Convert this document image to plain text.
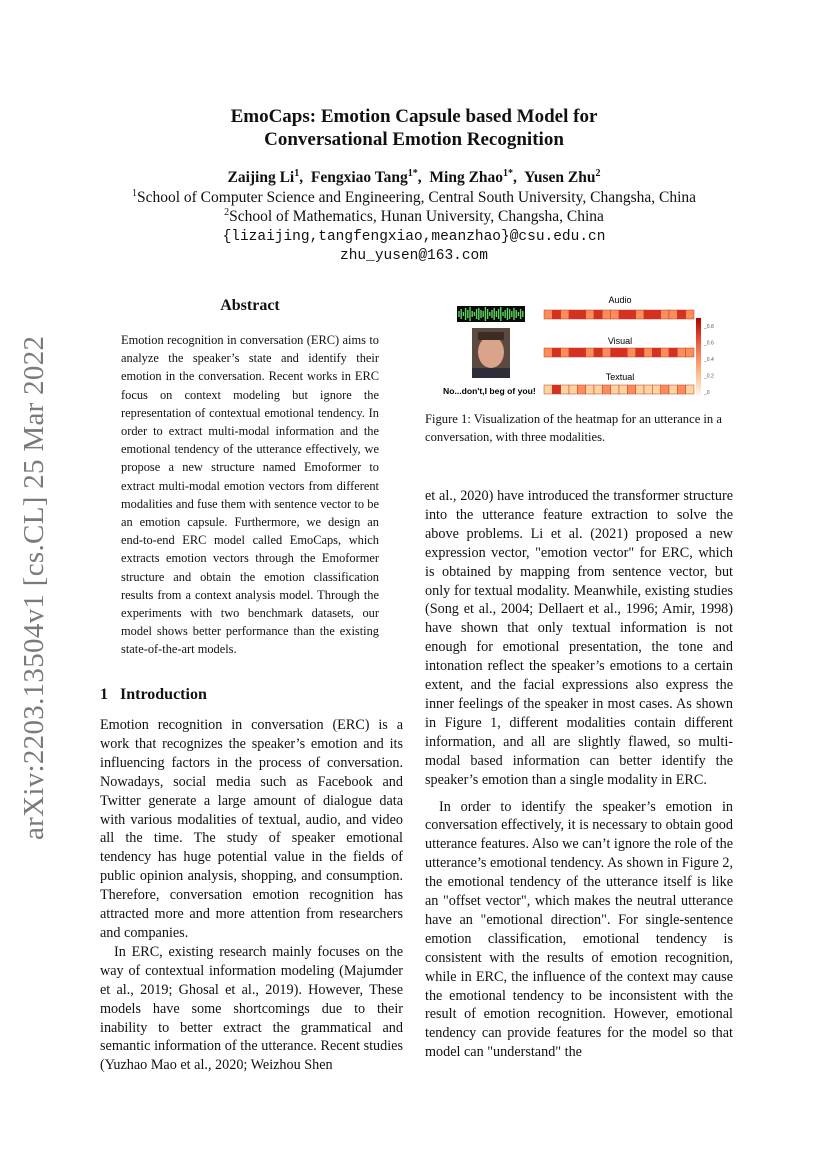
EmoCaps: Emotion Capsule based Model for
Conversational Emotion Recognition
Zaijing Li$^1$,  Fengxiao Tang$^{1*}$,  Ming Zhao$^{1*}$,  Yusen Zhu$^2$
$^1$School of Computer Science and Engineering, Central South University, Changsha, China
$^2$School of Mathematics, Hunan University, Changsha, China
{lizaijing,tangfengxiao,meanzhao}@csu.edu.cn
zhu_yusen@163.com
arXiv:2203.13504v1 [cs.CL] 25 Mar 2022
Abstract
Emotion recognition in conversation (ERC) aims to analyze the speaker’s state and identify their emotion in the conversation. Recent works in ERC focus on context modeling but ignore the representation of contextual emotional tendency. In order to extract multi-modal information and the emotional tendency of the utterance effectively, we propose a new structure named Emoformer to extract multi-modal emotion vectors from different modalities and fuse them with sentence vector to be an emotion capsule. Furthermore, we design an end-to-end ERC model called EmoCaps, which extracts emotion vectors through the Emoformer structure and obtain the emotion classification results from a context analysis model. Through the experiments with two benchmark datasets, our model shows better performance than the existing state-of-the-art models.
1 Introduction

Emotion recognition in conversation (ERC) is a work that recognizes the speaker’s emotion and its influencing factors in the process of conversation. Nowadays, social media such as Facebook and Twitter generate a large amount of dialogue data with various modalities of textual, audio, and video all the time. The study of speaker emotional tendency has huge potential value in the fields of public opinion analysis, shopping, and consumption. Therefore, conversation emotion recognition has attracted more and more attention from researchers and companies.

In ERC, existing research mainly focuses on the way of contextual information modeling (Majumder et al., 2019; Ghosal et al., 2019). However, These models have some shortcomings due to their inability to better extract the grammatical and semantic information of the utterance. Recent studies (Yuzhao Mao et al., 2020; Weizhou Shen

Audio
Visual
Textual
No...don't,I beg of you!
_0.8
_0.6
_0.4
_0.2
_0
Figure 1: Visualization of the heatmap for an utterance in a conversation, with three modalities.

et al., 2020) have introduced the transformer structure into the utterance feature extraction to solve the above problems. Li et al. (2021) proposed a new expression vector, "emotion vector" for ERC, which is obtained by mapping from sentence vector, but only for textual modality. Meanwhile, existing studies (Song et al., 2004; Dellaert et al., 1996; Amir, 1998) have shown that only textual information is not enough for emotional presentation, the tone and intonation reflect the speaker’s emotions to a certain extent, and the facial expressions also express the inner feelings of the speaker in most cases. As shown in Figure 1, different modalities contain different information, and all are slightly flawed, so multi-modal based information can better identify the speaker’s emotion than a single modality in ERC.

In order to identify the speaker’s emotion in conversation effectively, it is necessary to obtain good utterance features. Also we can’t ignore the role of the utterance’s emotional tendency. As shown in Figure 2, the emotional tendency of the utterance itself is like an "offset vector", which makes the neutral utterance have an "emotional direction". For single-sentence emotion classification, emotional tendency is consistent with the results of emotion recognition, while in ERC, the influence of the context may cause the emotional tendency to be inconsistent with the result of emotion recognition. However, emotional tendency can provide features for the model so that model can "understand" the
